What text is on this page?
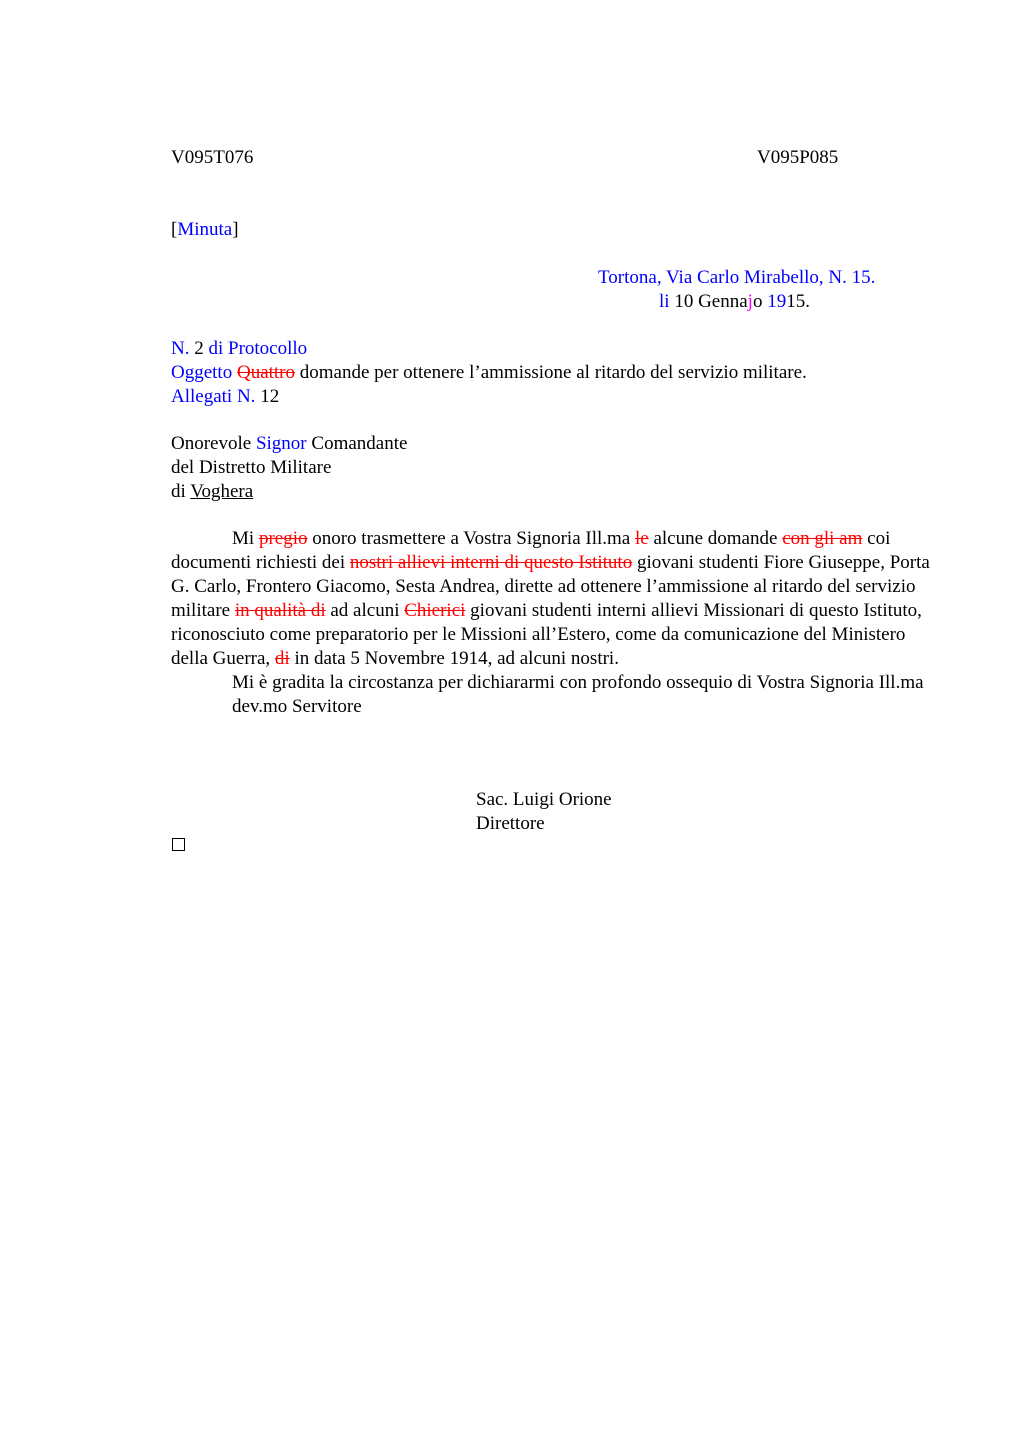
V095T076	V095P085
[Minuta]
Tortona, Via Carlo Mirabello, N. 15.
li 10 Gennajo 1915.
N. 2 di Protocollo
Oggetto Quattro domande per ottenere l’ammissione al ritardo del servizio militare.
Allegati N. 12
Onorevole Signor Comandante
del Distretto Militare
di Voghera

Mi pregio onoro trasmettere a Vostra Signoria Ill.ma le alcune domande con gli am coi documenti richiesti dei nostri allievi interni di questo Istituto giovani studenti Fiore Giuseppe, Porta G. Carlo, Frontero Giacomo, Sesta Andrea, dirette ad ottenere l’ammissione al ritardo del servizio militare in qualità di ad alcuni Chierici giovani studenti interni allievi Missionari di questo Istituto, riconosciuto come preparatorio per le Missioni all’Estero, come da comunicazione del Ministero della Guerra, di in data 5 Novembre 1914, ad alcuni nostri.

Mi è gradita la circostanza per dichiararmi con profondo ossequio di Vostra Signoria Ill.ma

dev.mo Servitore

Sac. Luigi Orione
Direttore
